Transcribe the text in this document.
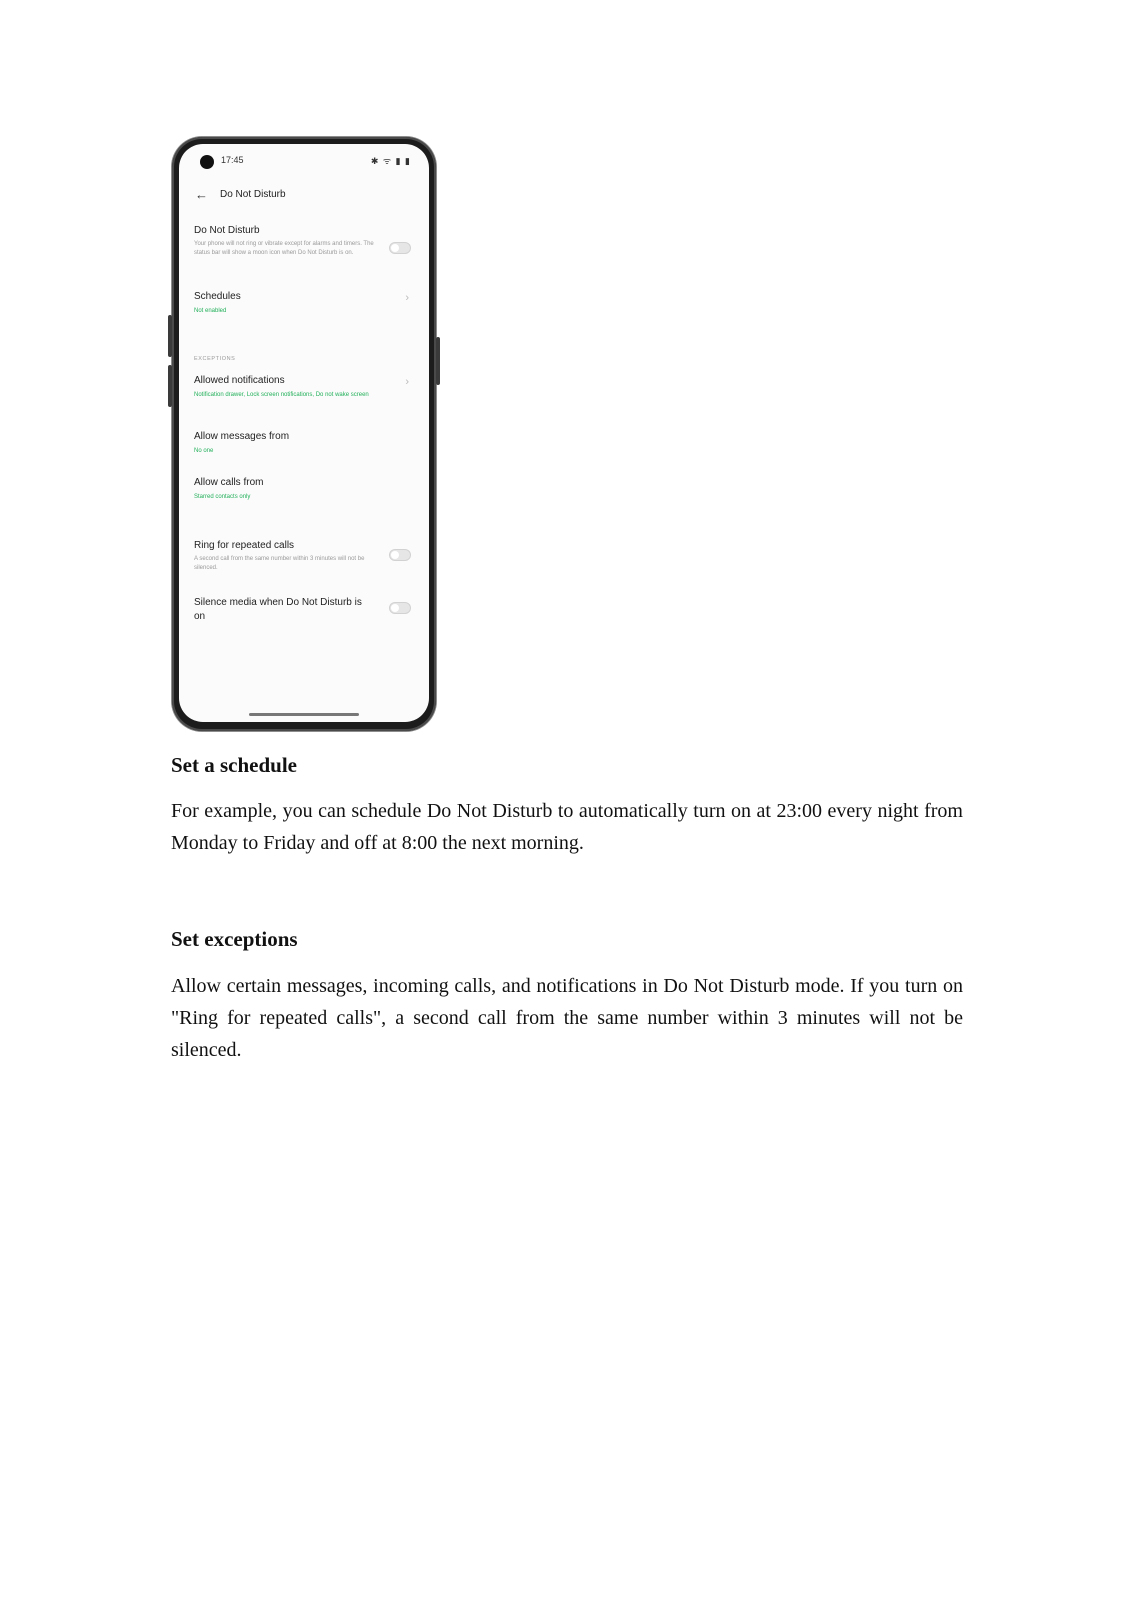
17:45	✱ ᯤ ▮ ▮
← Do Not Disturb
Do Not Disturb
Your phone will not ring or vibrate except for alarms and timers. The status bar will show a moon icon when Do Not Disturb is on.
Schedules
Not enabled
›
EXCEPTIONS
Allowed notifications
Notification drawer, Lock screen notifications, Do not wake screen
›
Allow messages from
No one
Allow calls from
Starred contacts only
Ring for repeated calls
A second call from the same number within 3 minutes will not be silenced.
Silence media when Do Not Disturb is on
Set a schedule

For example, you can schedule Do Not Disturb to automatically turn on at 23:00 every night from Monday to Friday and off at 8:00 the next morning.

Set exceptions

Allow certain messages, incoming calls, and notifications in Do Not Disturb mode. If you turn on "Ring for repeated calls", a second call from the same number within 3 minutes will not be silenced.
